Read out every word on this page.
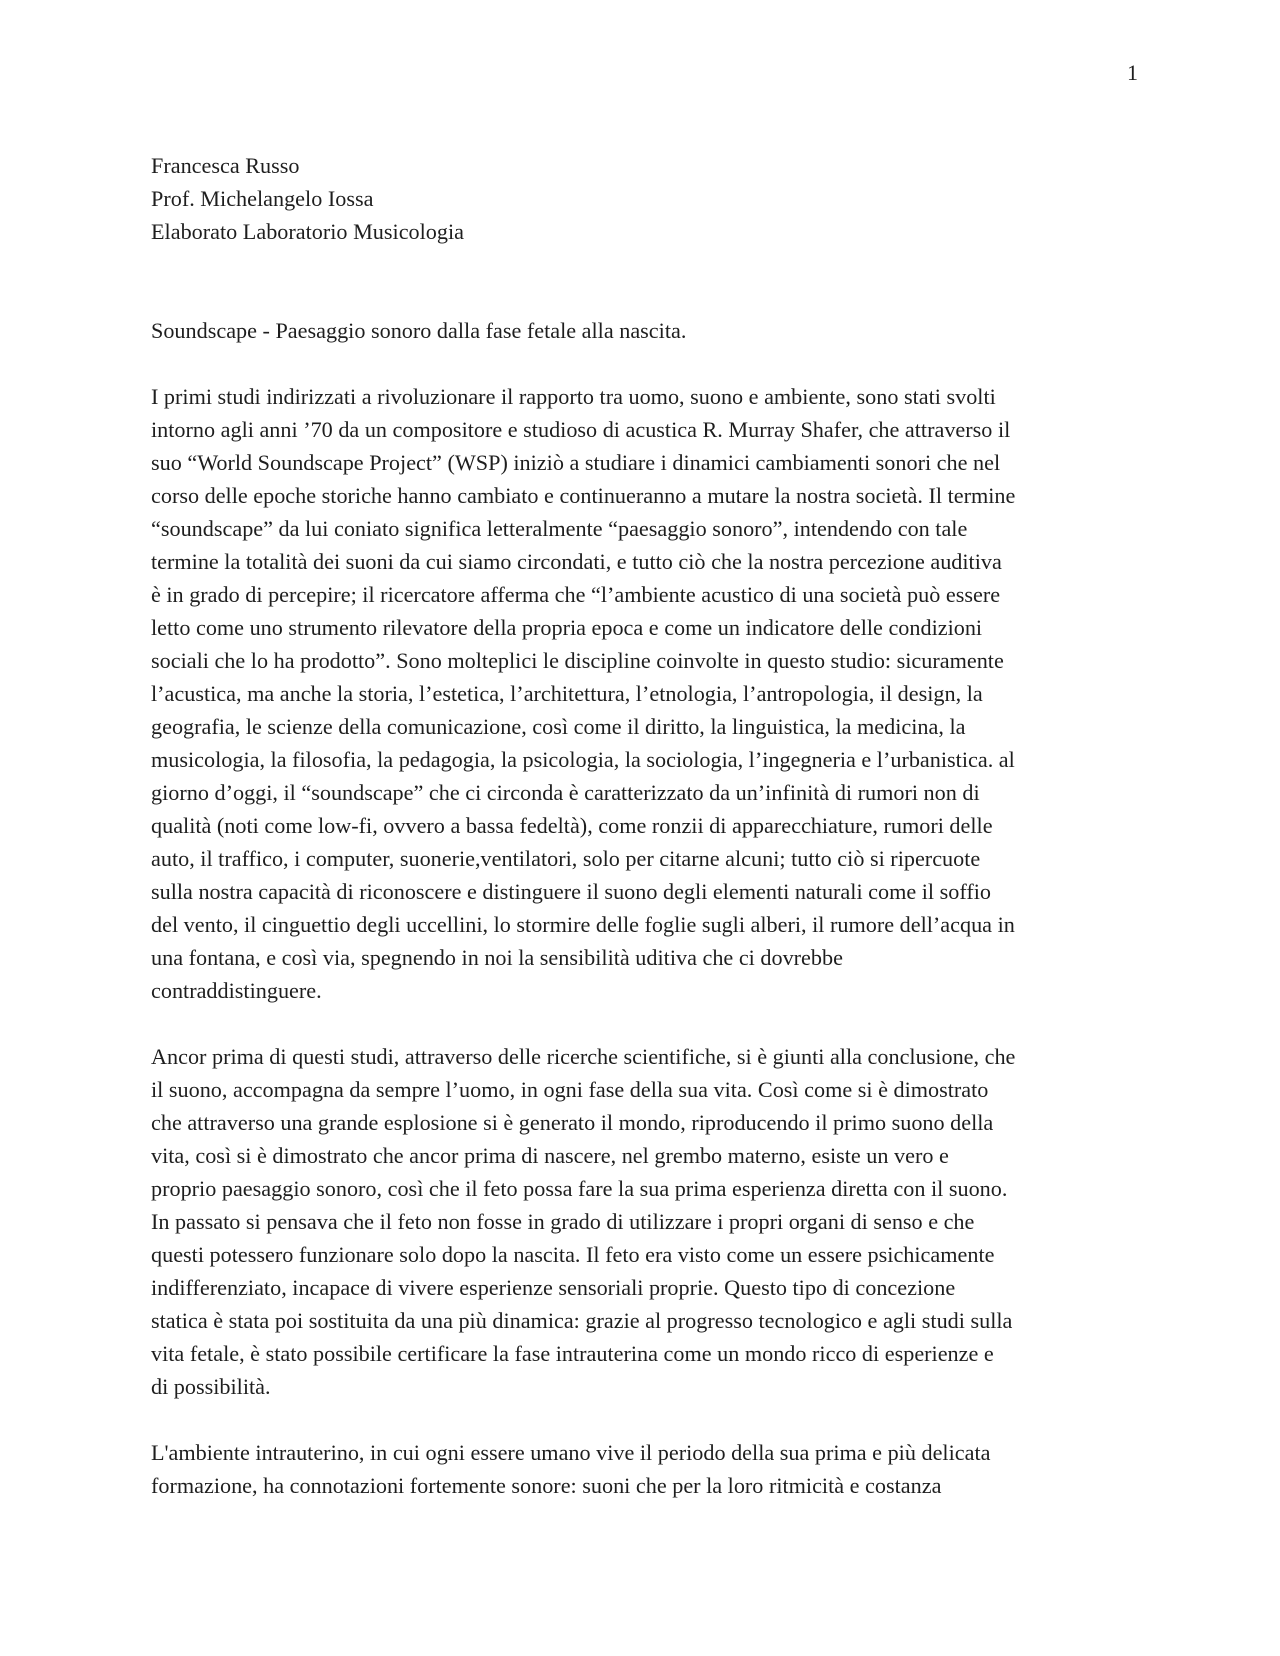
1
Francesca Russo
Prof. Michelangelo Iossa
Elaborato Laboratorio Musicologia
Soundscape - Paesaggio sonoro dalla fase fetale alla nascita.
I primi studi indirizzati a rivoluzionare il rapporto tra uomo, suono e ambiente, sono stati svolti
intorno agli anni ’70 da un compositore e studioso di acustica R. Murray Shafer, che attraverso il
suo “World Soundscape Project” (WSP) iniziò a studiare i dinamici cambiamenti sonori che nel
corso delle epoche storiche hanno cambiato e continueranno a mutare la nostra società. Il termine
“soundscape” da lui coniato significa letteralmente “paesaggio sonoro”, intendendo con tale
termine la totalità dei suoni da cui siamo circondati, e tutto ciò che la nostra percezione auditiva
è in grado di percepire; il ricercatore afferma che “l’ambiente acustico di una società può essere
letto come uno strumento rilevatore della propria epoca e come un indicatore delle condizioni
sociali che lo ha prodotto”. Sono molteplici le discipline coinvolte in questo studio: sicuramente
l’acustica, ma anche la storia, l’estetica, l’architettura, l’etnologia, l’antropologia, il design, la
geografia, le scienze della comunicazione, così come il diritto, la linguistica, la medicina, la
musicologia, la filosofia, la pedagogia, la psicologia, la sociologia, l’ingegneria e l’urbanistica. al
giorno d’oggi, il “soundscape” che ci circonda è caratterizzato da un’infinità di rumori non di
qualità (noti come low-fi, ovvero a bassa fedeltà), come ronzii di apparecchiature, rumori delle
auto, il traffico, i computer, suonerie,ventilatori, solo per citarne alcuni; tutto ciò si ripercuote
sulla nostra capacità di riconoscere e distinguere il suono degli elementi naturali come il soffio
del vento, il cinguettio degli uccellini, lo stormire delle foglie sugli alberi, il rumore dell’acqua in
una fontana, e così via, spegnendo in noi la sensibilità uditiva che ci dovrebbe
contraddistinguere.
Ancor prima di questi studi, attraverso delle ricerche scientifiche, si è giunti alla conclusione, che
il suono, accompagna da sempre l’uomo, in ogni fase della sua vita. Così come si è dimostrato
che attraverso una grande esplosione si è generato il mondo, riproducendo il primo suono della
vita, così si è dimostrato che ancor prima di nascere, nel grembo materno, esiste un vero e
proprio paesaggio sonoro, così che il feto possa fare la sua prima esperienza diretta con il suono.
In passato si pensava che il feto non fosse in grado di utilizzare i propri organi di senso e che
questi potessero funzionare solo dopo la nascita. Il feto era visto come un essere psichicamente
indifferenziato, incapace di vivere esperienze sensoriali proprie. Questo tipo di concezione
statica è stata poi sostituita da una più dinamica: grazie al progresso tecnologico e agli studi sulla
vita fetale, è stato possibile certificare la fase intrauterina come un mondo ricco di esperienze e
di possibilità.
L'ambiente intrauterino, in cui ogni essere umano vive il periodo della sua prima e più delicata
formazione, ha connotazioni fortemente sonore: suoni che per la loro ritmicità e costanza
